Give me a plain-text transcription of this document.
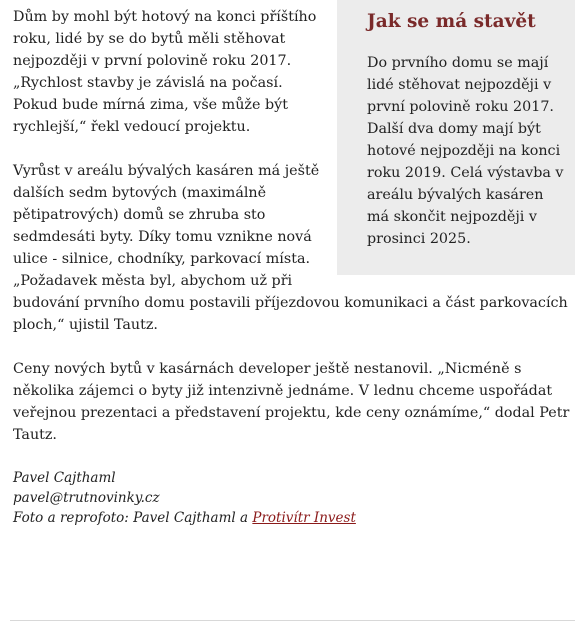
Jak se má stavět

Do prvního domu se mají lidé stěhovat nejpozději v první polovině roku 2017. Další dva domy mají být hotové nejpozději na konci roku 2019. Celá výstavba v areálu bývalých kasáren má skončit nejpozději v prosinci 2025.

Dům by mohl být hotový na konci příštího roku, lidé by se do bytů měli stěhovat nejpozději v první polovině roku 2017. „Rychlost stavby je závislá na počasí. Pokud bude mírná zima, vše může být rychlejší,“ řekl vedoucí projektu.

Vyrůst v areálu bývalých kasáren má ještě dalších sedm bytových (maximálně pětipatrových) domů se zhruba sto sedmdesáti byty. Díky tomu vznikne nová ulice - silnice, chodníky, parkovací místa. „Požadavek města byl, abychom už při budování prvního domu postavili příjezdovou komunikaci a část parkovacích ploch,“ ujistil Tautz.

Ceny nových bytů v kasárnách developer ještě nestanovil. „Nicméně s několika zájemci o byty již intenzivně jednáme. V lednu chceme uspořádat veřejnou prezentaci a představení projektu, kde ceny oznámíme,“ dodal Petr Tautz.

Pavel Cajthaml
pavel@trutnovinky.cz
Foto a reprofoto: Pavel Cajthaml a Protivítr Invest
